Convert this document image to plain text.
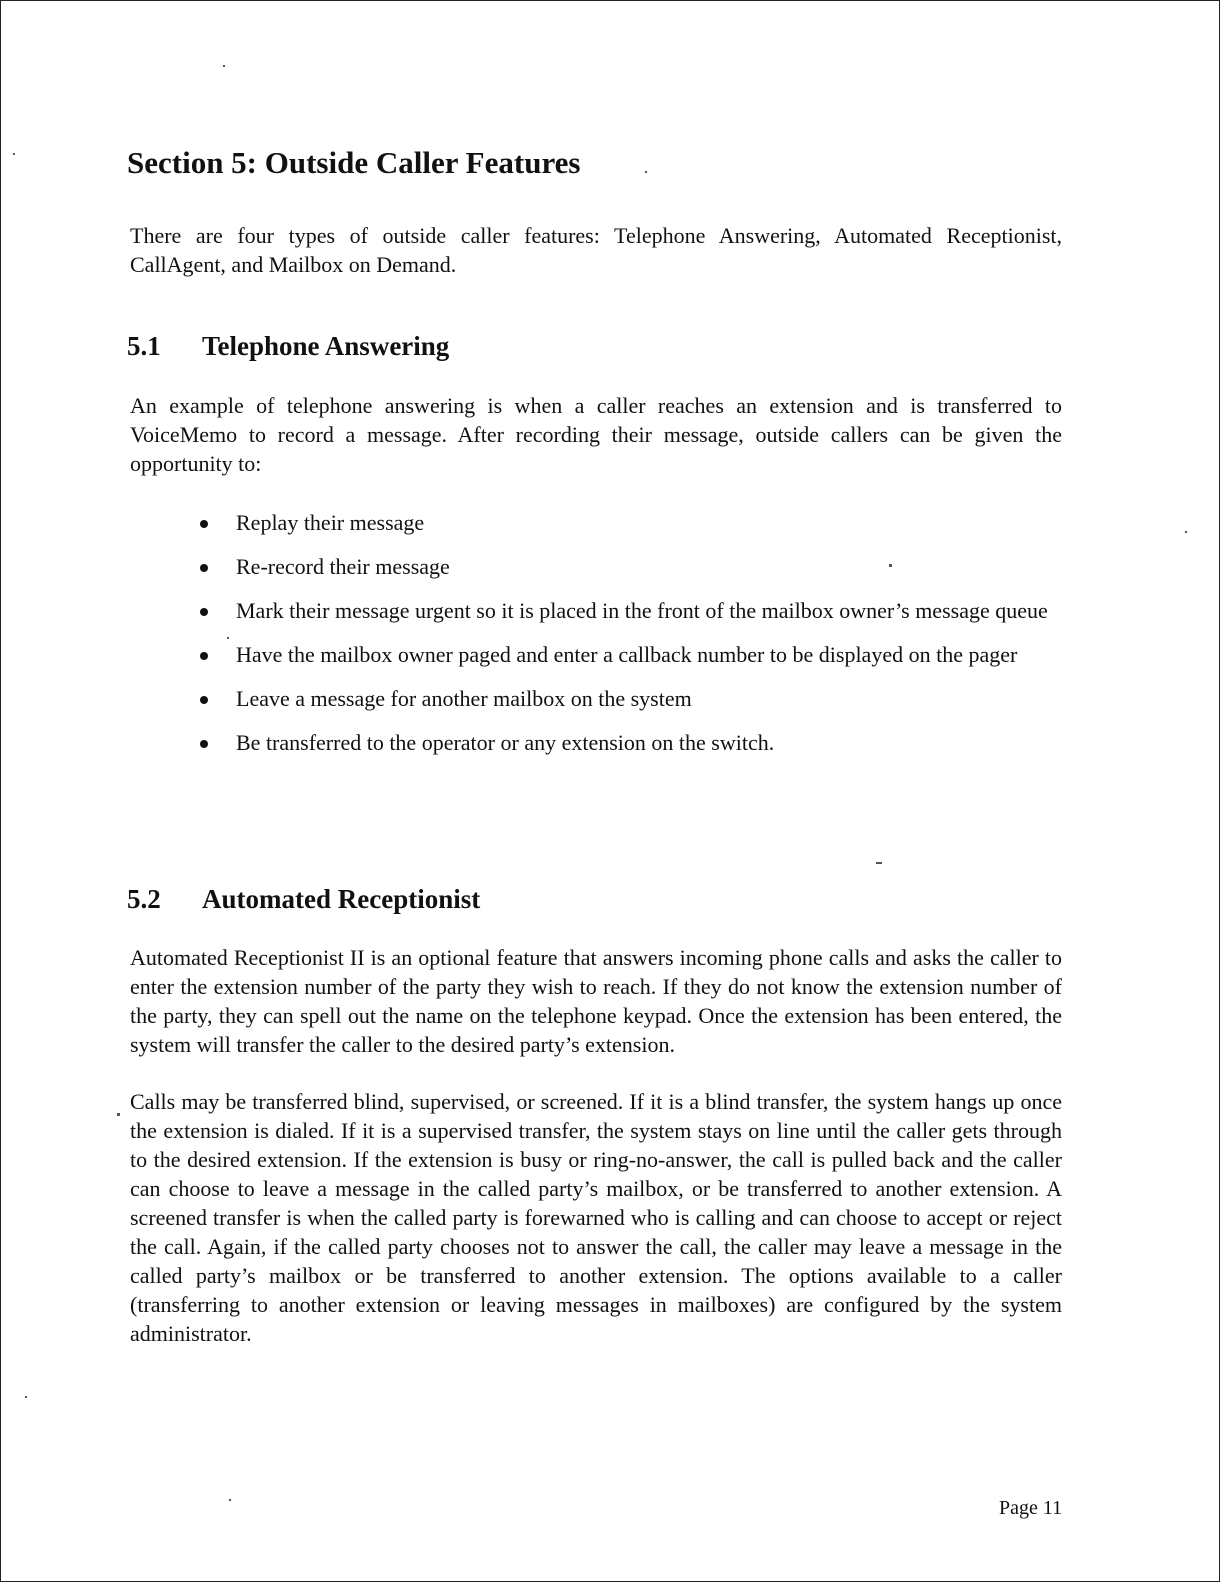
Section 5: Outside Caller Features

There are four types of outside caller features: Telephone Answering, Automated Receptionist, CallAgent, and Mailbox on Demand.

5.1 Telephone Answering

An example of telephone answering is when a caller reaches an extension and is transferred to VoiceMemo to record a message. After recording their message, outside callers can be given the opportunity to:

Replay their message
Re-record their message
Mark their message urgent so it is placed in the front of the mailbox owner’s message queue
Have the mailbox owner paged and enter a callback number to be displayed on the pager
Leave a message for another mailbox on the system
Be transferred to the operator or any extension on the switch.
5.2 Automated Receptionist

Automated Receptionist II is an optional feature that answers incoming phone calls and asks the caller to enter the extension number of the party they wish to reach. If they do not know the extension number of the party, they can spell out the name on the telephone keypad. Once the extension has been entered, the system will transfer the caller to the desired party’s extension.

Calls may be transferred blind, supervised, or screened. If it is a blind transfer, the system hangs up once the extension is dialed. If it is a supervised transfer, the system stays on line until the caller gets through to the desired extension. If the extension is busy or ring-no-answer, the call is pulled back and the caller can choose to leave a message in the called party’s mailbox, or be transferred to another extension. A screened transfer is when the called party is forewarned who is calling and can choose to accept or reject the call. Again, if the called party chooses not to answer the call, the caller may leave a message in the called party’s mailbox or be transferred to another extension. The options available to a caller (transferring to another extension or leaving messages in mailboxes) are configured by the system administrator.

Page 11
